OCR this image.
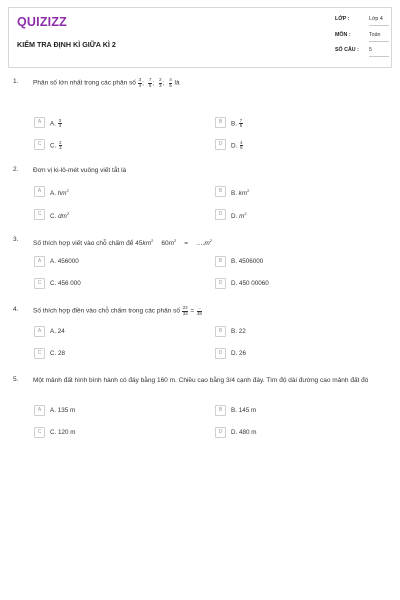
QUIZIZZ
KIỂM TRA ĐỊNH KÌ GIỮA KÌ 2
LỚP :	Lớp 4
MÔN :	Toán
SỐ CÂU : 5
1. Phân số lớn nhất trong các phân số $\frac{3}{4}$ ; $\frac{7}{5}$ ; $\frac{2}{3}$ ; $\frac{4}{5}$ là
A	A. $\frac{3}{4}$	B	B. $\frac{7}{5}$
C	C. $\frac{2}{3}$	D	D. $\frac{4}{5}$
2. Đơn vị ki-lô-mét vuông viết tắt là
A	A. $hm^2$	B	B. $km^2$
C	C. $dm^2$	D	D. $m^2$
3.
Số thích hợp viết vào chỗ chấm để $45km^2$ $60m^2$ = $\dots.m^2$
A	A. 456000	B	B. 4506000
C	C. 456 000	D	D. 450 00060
4. Số thích hợp điền vào chỗ chấm trong các phân số $\frac{22}{33} = \frac{\dots}{48}$
A	A. 24	B	B. 22
C	C. 28	D	D. 26
5. Một mảnh đất hình bình hành có đáy bằng 160 m. Chiều cao bằng 3/4 cạnh đáy. Tìm độ dài đường cao mảnh đất đó
A	A. 135 m	B	B. 145 m
C	C. 120 m	D	D. 480 m
